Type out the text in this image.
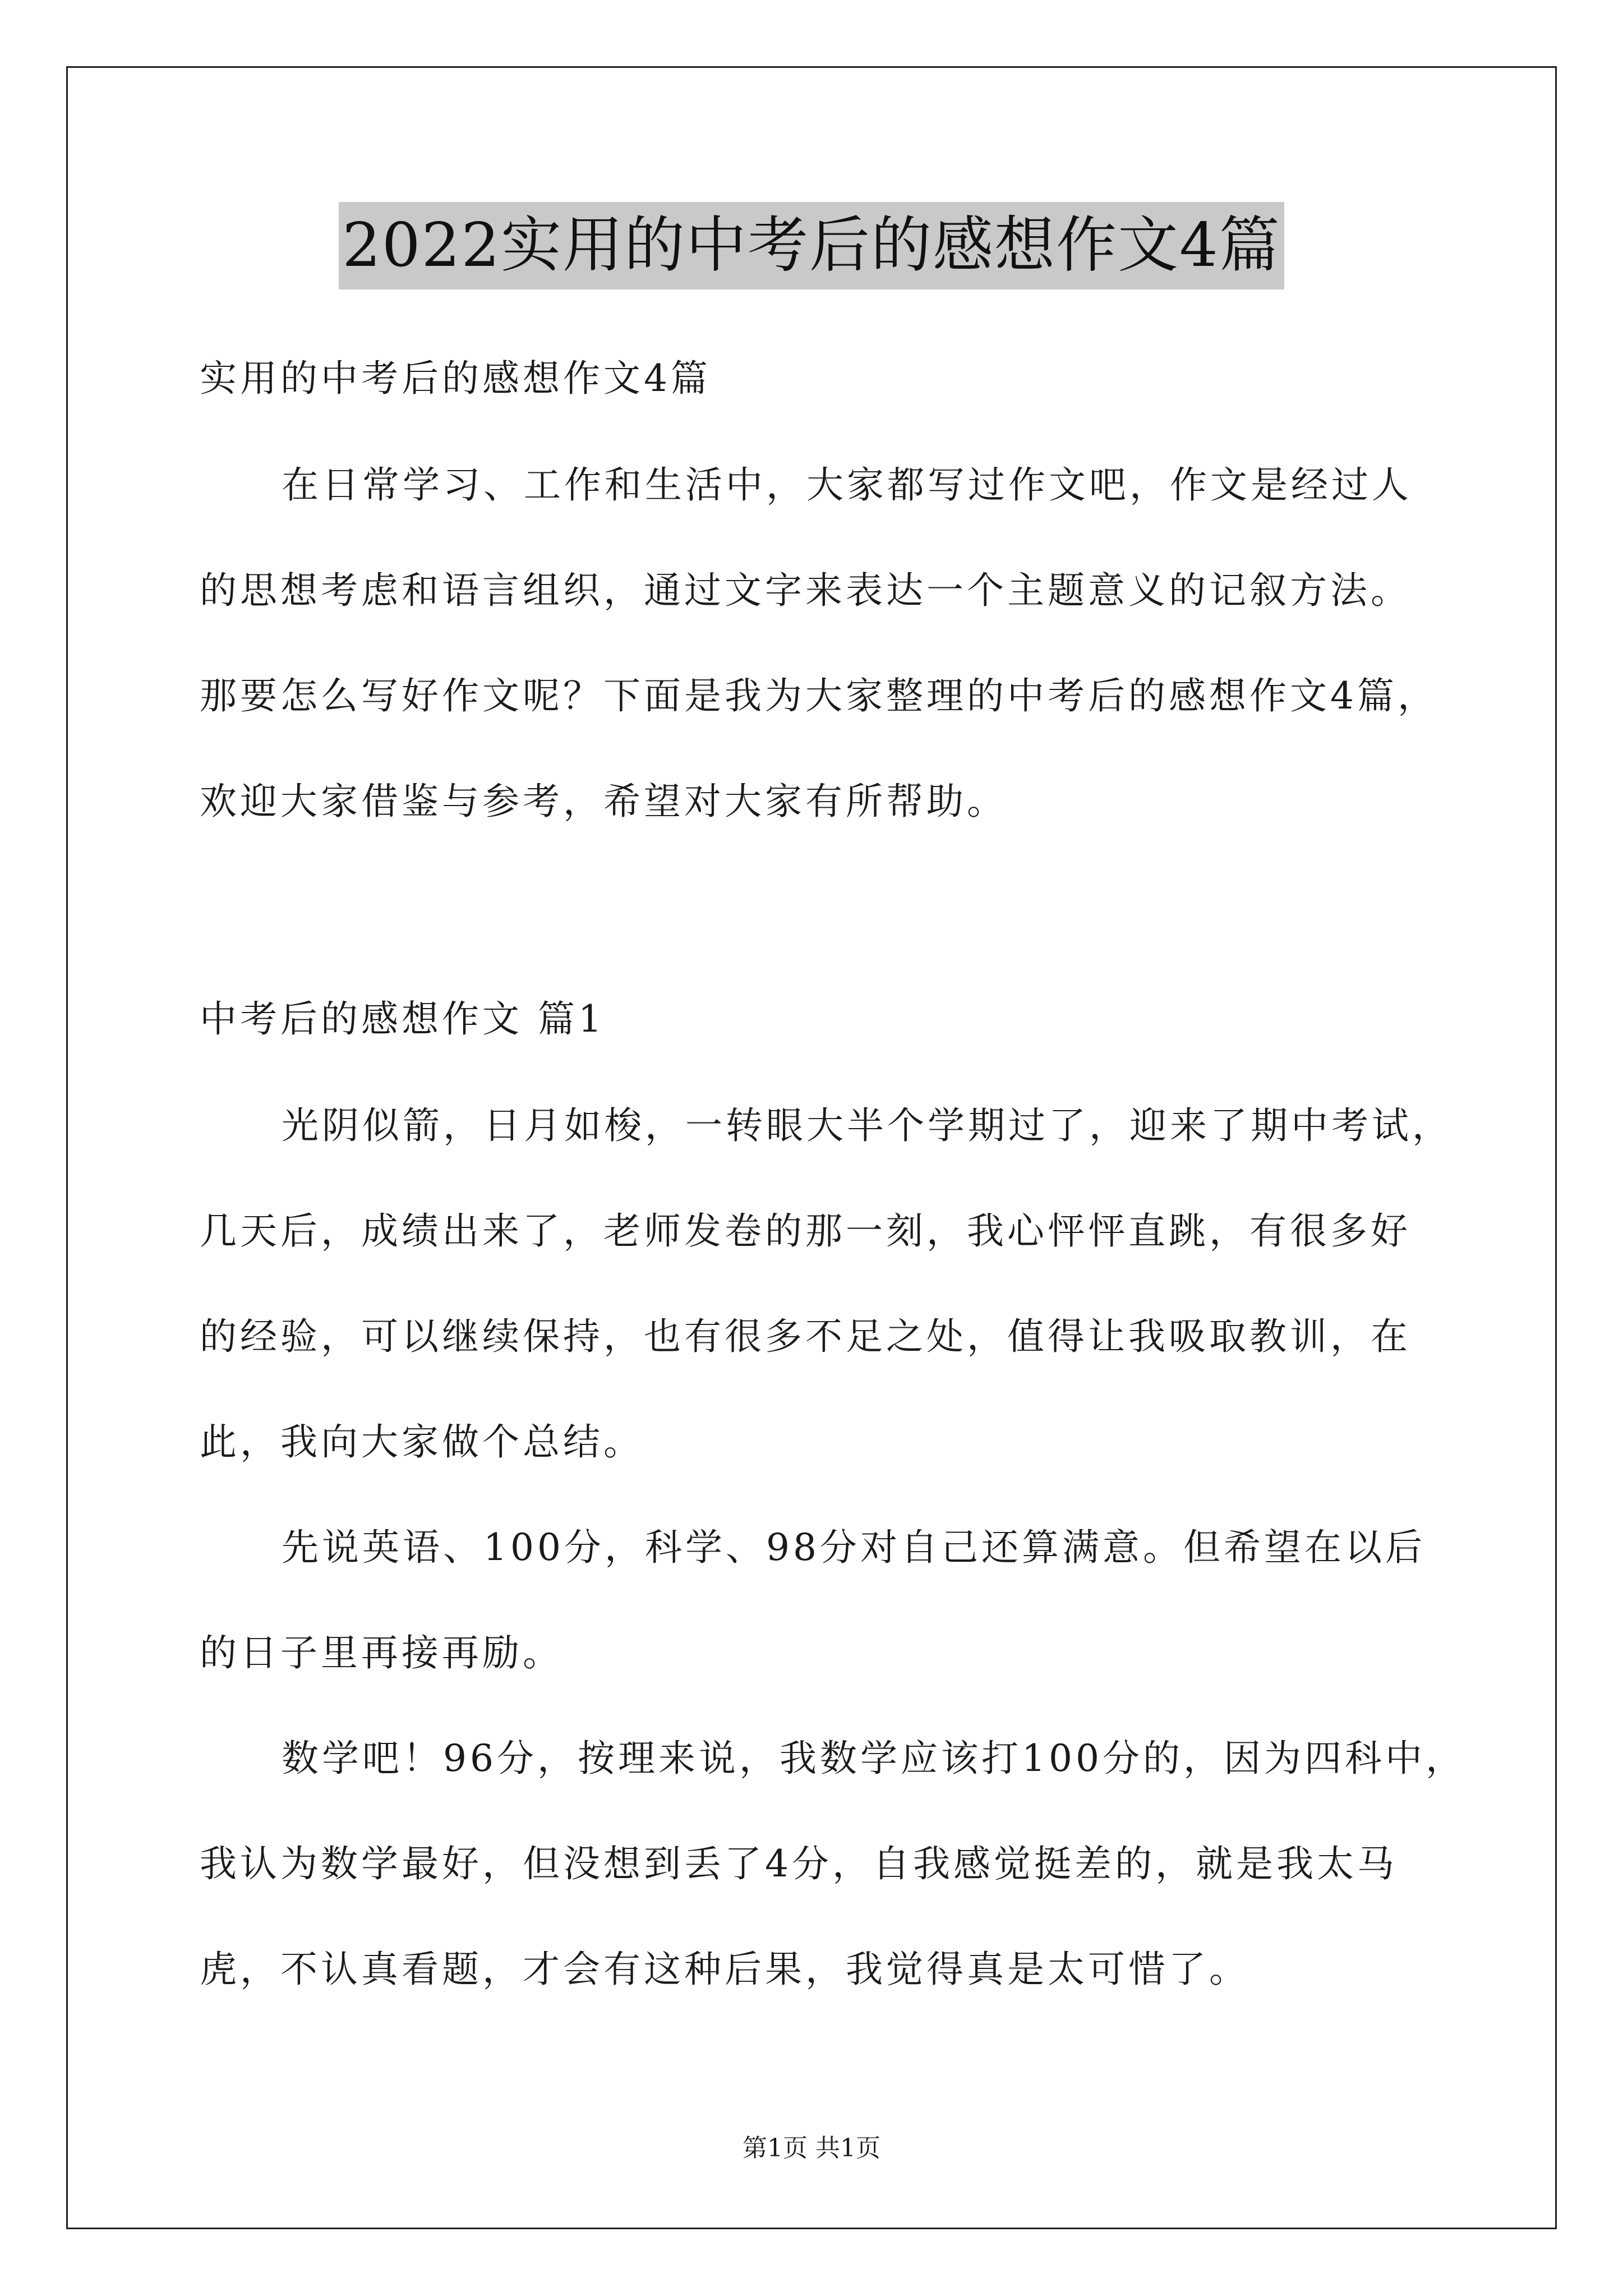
2022实用的中考后的感想作文4篇
实用的中考后的感想作文4篇
在日常学习、工作和生活中，大家都写过作文吧，作文是经过人
的思想考虑和语言组织，通过文字来表达一个主题意义的记叙方法。
那要怎么写好作文呢？下面是我为大家整理的中考后的感想作文4篇，
欢迎大家借鉴与参考，希望对大家有所帮助。
中考后的感想作文 篇1
光阴似箭，日月如梭，一转眼大半个学期过了，迎来了期中考试，
几天后，成绩出来了，老师发卷的那一刻，我心怦怦直跳，有很多好
的经验，可以继续保持，也有很多不足之处，值得让我吸取教训，在
此，我向大家做个总结。
先说英语、100分，科学、98分对自己还算满意。但希望在以后
的日子里再接再励。
数学吧！96分，按理来说，我数学应该打100分的，因为四科中，
我认为数学最好，但没想到丢了4分，自我感觉挺差的，就是我太马
虎，不认真看题，才会有这种后果，我觉得真是太可惜了。
第1页 共1页
